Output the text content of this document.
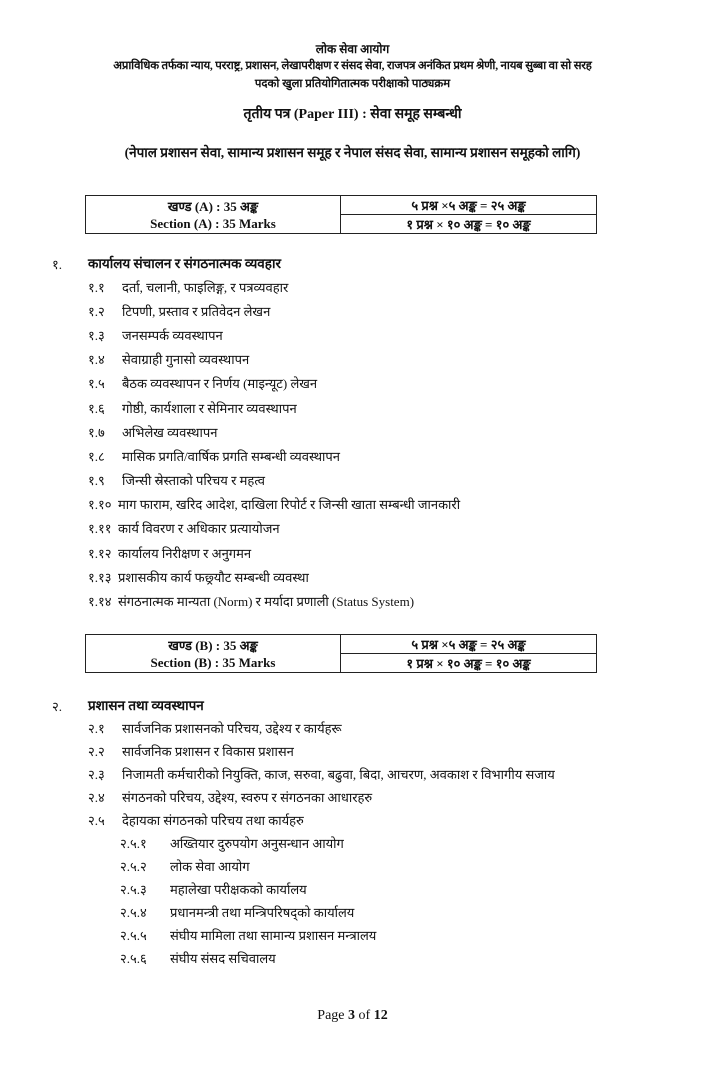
लोक सेवा आयोग
अप्राविधिक तर्फका न्याय, परराष्ट्र, प्रशासन, लेखापरीक्षण र संसद सेवा, राजपत्र अनंकित प्रथम श्रेणी, नायब सुब्बा वा सो सरह
पदको खुला प्रतियोगितात्मक परीक्षाको पाठ्यक्रम
तृतीय पत्र (Paper III) : सेवा समूह सम्बन्धी
(नेपाल प्रशासन सेवा, सामान्य प्रशासन समूह र नेपाल संसद सेवा, सामान्य प्रशासन समूहको लागि)
खण्ड (A) : 35 अङ्क
Section (A) : 35 Marks
	५ प्रश्न ×५ अङ्क = २५ अङ्क
१ प्रश्न × १० अङ्क = १० अङ्क
१. कार्यालय संचालन र संगठनात्मक व्यवहार
१.१ दर्ता, चलानी, फाइलिङ्ग, र पत्रव्यवहार
१.२ टिपणी, प्रस्ताव र प्रतिवेदन लेखन
१.३ जनसम्पर्क व्यवस्थापन
१.४ सेवाग्राही गुनासो व्यवस्थापन
१.५ बैठक व्यवस्थापन र निर्णय (माइन्यूट) लेखन
१.६ गोष्ठी, कार्यशाला र सेमिनार व्यवस्थापन
१.७ अभिलेख व्यवस्थापन
१.८ मासिक प्रगति/वार्षिक प्रगति सम्बन्धी व्यवस्थापन
१.९ जिन्सी स्रेस्ताको परिचय र महत्व
१.१० माग फाराम, खरिद आदेश, दाखिला रिपोर्ट र जिन्सी खाता सम्बन्धी जानकारी
१.११ कार्य विवरण र अधिकार प्रत्यायोजन
१.१२ कार्यालय निरीक्षण र अनुगमन
१.१३ प्रशासकीय कार्य फछ्र्यौट सम्बन्धी व्यवस्था
१.१४ संगठनात्मक मान्यता (Norm) र मर्यादा प्रणाली (Status System)
खण्ड (B) : 35 अङ्क
Section (B) : 35 Marks
	५ प्रश्न ×५ अङ्क = २५ अङ्क
१ प्रश्न × १० अङ्क = १० अङ्क
२. प्रशासन तथा व्यवस्थापन
२.१ सार्वजनिक प्रशासनको परिचय, उद्देश्य र कार्यहरू
२.२ सार्वजनिक प्रशासन र विकास प्रशासन
२.३ निजामती कर्मचारीको नियुक्ति, काज, सरुवा, बढुवा, बिदा, आचरण, अवकाश र विभागीय सजाय
२.४ संगठनको परिचय, उद्देश्य, स्वरुप र संगठनका आधारहरु
२.५ देहायका संगठनको परिचय तथा कार्यहरु
२.५.१ अख्तियार दुरुपयोग अनुसन्धान आयोग
२.५.२ लोक सेवा आयोग
२.५.३ महालेखा परीक्षकको कार्यालय
२.५.४ प्रधानमन्त्री तथा मन्त्रिपरिषद्को कार्यालय
२.५.५ संघीय मामिला तथा सामान्य प्रशासन मन्त्रालय
२.५.६ संघीय संसद सचिवालय
Page 3 of 12
